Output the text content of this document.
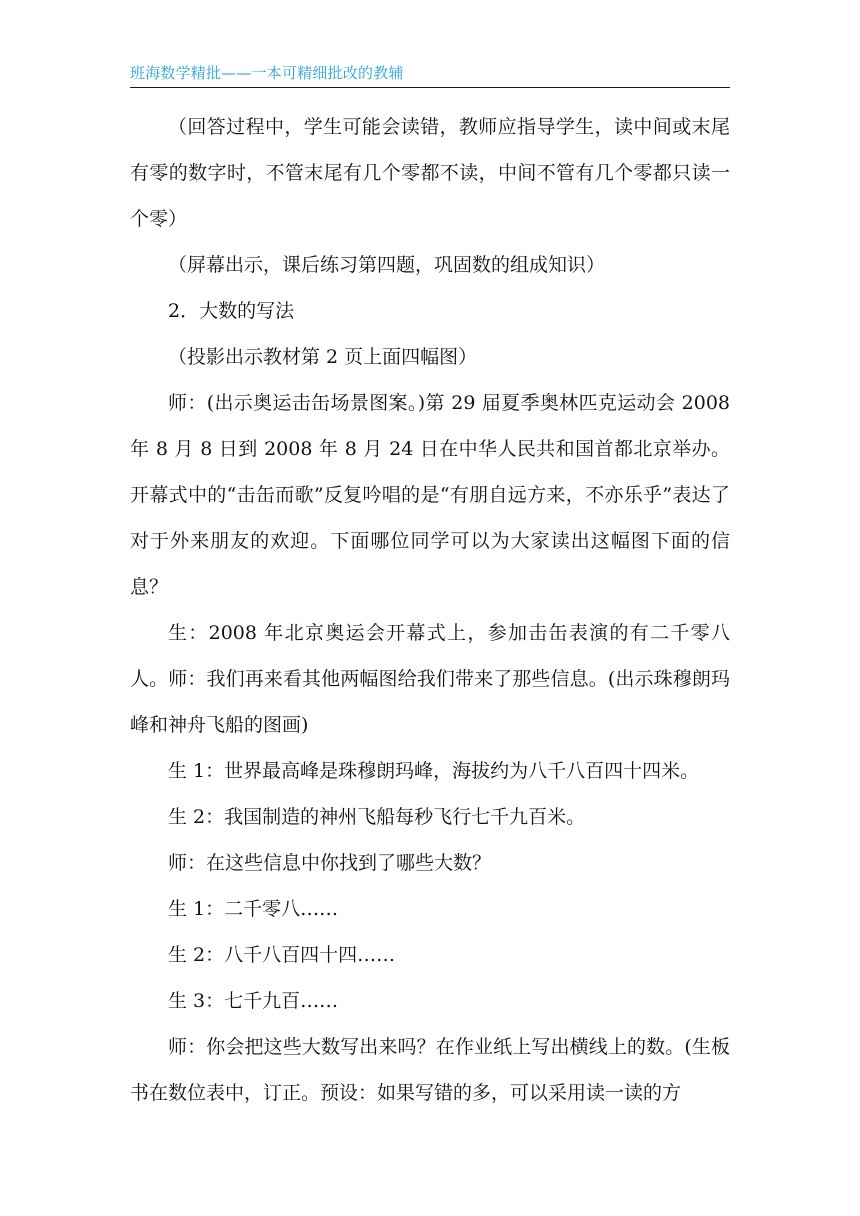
班海数学精批——一本可精细批改的教辅

（回答过程中，学生可能会读错，教师应指导学生，读中间或末尾有零的数字时，不管末尾有几个零都不读，中间不管有几个零都只读一个零）

（屏幕出示，课后练习第四题，巩固数的组成知识）

2．大数的写法

（投影出示教材第 2 页上面四幅图）

师：(出示奥运击缶场景图案。)第 29 届夏季奥林匹克运动会 2008 年 8 月 8 日到 2008 年 8 月 24 日在中华人民共和国首都北京举办。开幕式中的“击缶而歌”反复吟唱的是“有朋自远方来，不亦乐乎”表达了对于外来朋友的欢迎。下面哪位同学可以为大家读出这幅图下面的信息？

生：2008 年北京奥运会开幕式上，参加击缶表演的有二千零八人。师：我们再来看其他两幅图给我们带来了那些信息。(出示珠穆朗玛峰和神舟飞船的图画)

生 1：世界最高峰是珠穆朗玛峰，海拔约为八千八百四十四米。

生 2：我国制造的神州飞船每秒飞行七千九百米。

师：在这些信息中你找到了哪些大数？

生 1：二千零八……

生 2：八千八百四十四……

生 3：七千九百……

师：你会把这些大数写出来吗？在作业纸上写出横线上的数。(生板书在数位表中，订正。预设：如果写错的多，可以采用读一读的方
